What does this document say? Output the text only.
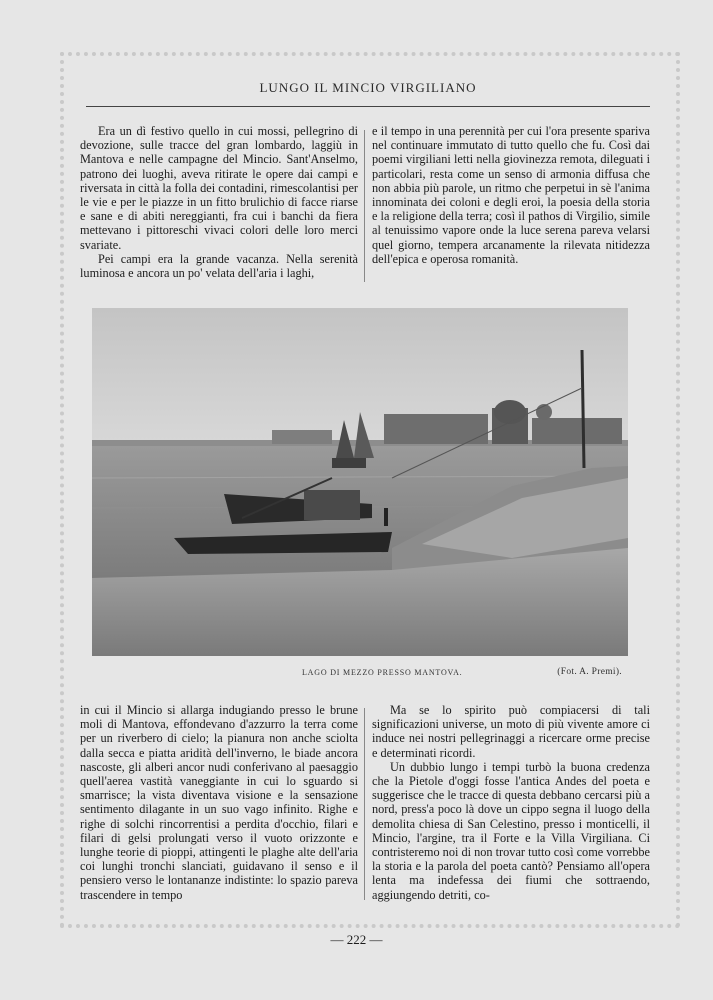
LUNGO IL MINCIO VIRGILIANO

Era un dì festivo quello in cui mossi, pellegrino di devozione, sulle tracce del gran lombardo, laggiù in Mantova e nelle campagne del Mincio. Sant'Anselmo, patrono dei luoghi, aveva ritirate le opere dai campi e riversata in città la folla dei contadini, rimescolantisi per le vie e per le piazze in un fitto brulichio di facce riarse e sane e di abiti nereggianti, fra cui i banchi da fiera mettevano i pittoreschi vivaci colori delle loro merci svariate.

Pei campi era la grande vacanza. Nella serenità luminosa e ancora un po' velata dell'aria i laghi,

e il tempo in una perennità per cui l'ora presente spariva nel continuare immutato di tutto quello che fu. Così dai poemi virgiliani letti nella giovinezza remota, dileguati i particolari, resta come un senso di armonia diffusa che non abbia più parole, un ritmo che perpetui in sè l'anima innominata dei coloni e degli eroi, la poesia della storia e la religione della terra; così il pathos di Virgilio, simile al tenuissimo vapore onde la luce serena pareva velarsi quel giorno, tempera arcanamente la rilevata nitidezza dell'epica e operosa romanità.

LAGO DI MEZZO PRESSO MANTOVA.	(Fot. A. Premi).

in cui il Mincio si allarga indugiando presso le brune moli di Mantova, effondevano d'azzurro la terra come per un riverbero di cielo; la pianura non anche sciolta dalla secca e piatta aridità dell'inverno, le biade ancora nascoste, gli alberi ancor nudi conferivano al paesaggio quell'aerea vastità vaneggiante in cui lo sguardo si smarrisce; la vista diventava visione e la sensazione sentimento dilagante in un suo vago infinito. Righe e righe di solchi rincorrentisi a perdita d'occhio, filari e filari di gelsi prolungati verso il vuoto orizzonte e lunghe teorie di pioppi, attingenti le plaghe alte dell'aria coi lunghi tronchi slanciati, guidavano il senso e il pensiero verso le lontananze indistinte: lo spazio pareva trascendere in tempo

Ma se lo spirito può compiacersi di tali significazioni universe, un moto di più vivente amore ci induce nei nostri pellegrinaggi a ricercare orme precise e determinati ricordi.

Un dubbio lungo i tempi turbò la buona credenza che la Pietole d'oggi fosse l'antica Andes del poeta e suggerisce che le tracce di questa debbano cercarsi più a nord, press'a poco là dove un cippo segna il luogo della demolita chiesa di San Celestino, presso i monticelli, il Mincio, l'argine, tra il Forte e la Villa Virgiliana. Ci contristeremo noi di non trovar tutto così come vorrebbe la storia e la parola del poeta cantò? Pensiamo all'opera lenta ma indefessa dei fiumi che sottraendo, aggiungendo detriti, co-

— 222 —
